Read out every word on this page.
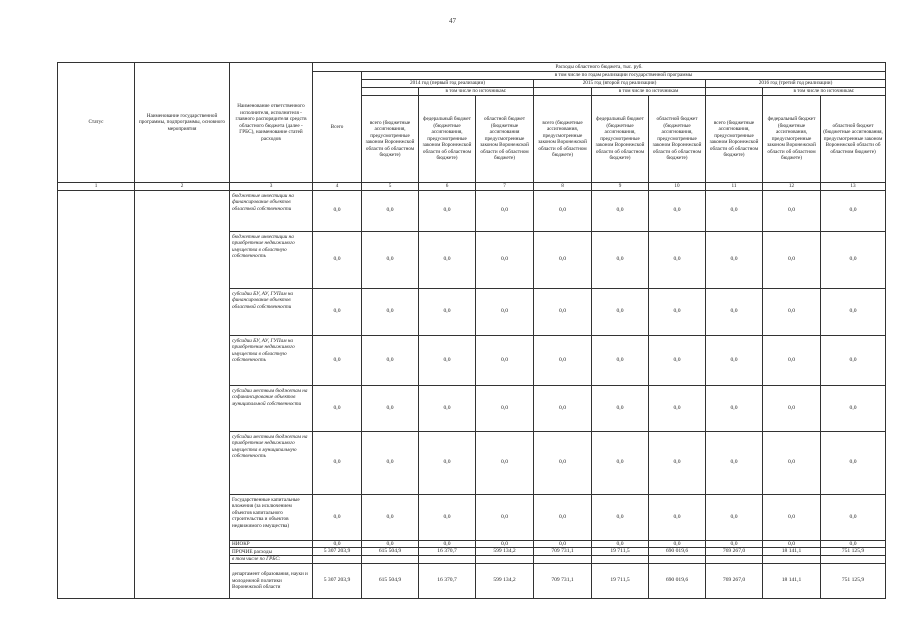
47
Статус	Наименование государственной программы, подпрограммы, основного мероприятия	Наименование ответственного исполнителя, исполнителя - главного распорядителя средств областного бюджета (далее - ГРБС), наименование статей расходов	Расходы областного бюджета, тыс. руб.									
			Всего	в том числе по годам реализации государственной программы								
				2014 год (первый год реализации)			2015 год (второй год реализации)			2016 год (третий год реализации)		
					в том числе по источникам:			в том числе по источникам			в том числе по источникам:	
				всего (бюджетные ассигнования, предусмотренные законом Воронежской области об областном бюджете)	федеральный бюджет (бюджетные ассигнования, предусмотренные законом Воронежской области об областном бюджете)	областной бюджет (бюджетные ассигнования предусмотренные законом Воронежской области об областном бюджете)	всего (бюджетные ассигнования, предусмотренные законом Воронежской области об областном бюджете)	федеральный бюджет (бюджетные ассигнования, предусмотренные законом Воронежской области об областном бюджете)	областной бюджет (бюджетные ассигнования, предусмотренные законом Воронежской области об областном бюджете)	всего (бюджетные ассигнования, предусмотренные законом Воронежской области об областном бюджете)	федеральный бюджет (бюджетные ассигнования, предусмотренные законом Воронежской области об областном бюджете)	областной бюджет (бюджетные ассигнования, предусмотренные законом Воронежской области об областном бюджете)
1	2	3	4	5	6	7	8	9	10	11	12	13
		бюджетные инвестиции на финансирование объектов областной собственности	0,0	0,0	0,0	0,0	0,0	0,0	0,0	0,0	0,0	0,0
		бюджетные инвестиции на приобретение недвижимого имущества в областную собственность	0,0	0,0	0,0	0,0	0,0	0,0	0,0	0,0	0,0	0,0
		субсидии БУ, АУ, ГУПам на финансирование объектов областной собственности	0,0	0,0	0,0	0,0	0,0	0,0	0,0	0,0	0,0	0,0
		субсидии БУ, АУ, ГУПам на приобретение недвижимого имущества в областную собственность	0,0	0,0	0,0	0,0	0,0	0,0	0,0	0,0	0,0	0,0
		субсидии местным бюджетам на софинансирование объектов муниципальной собственности	0,0	0,0	0,0	0,0	0,0	0,0	0,0	0,0	0,0	0,0
		субсидии местным бюджетам на приобретение недвижимого имущества в муниципальную собственность	0,0	0,0	0,0	0,0	0,0	0,0	0,0	0,0	0,0	0,0
		Государственные капитальные вложения (за исключением объектов капитального строительства и объектов недвижимого имущества)	0,0	0,0	0,0	0,0	0,0	0,0	0,0	0,0	0,0	0,0
		НИОКР	0,0	0,0	0,0	0,0	0,0	0,0	0,0	0,0	0,0	0,0
		ПРОЧИЕ расходы	5 307 203,9	615 504,9	16 370,7	599 134,2	709 731,1	19 711,5	690 019,6	769 267,0	18 141,1	751 125,9
		в том числе по ГРБС:										
		департамент образования, науки и молодежной политики Воронежской области	5 307 203,9	615 504,9	16 370,7	599 134,2	709 731,1	19 711,5	690 019,6	769 267,0	18 141,1	751 125,9
